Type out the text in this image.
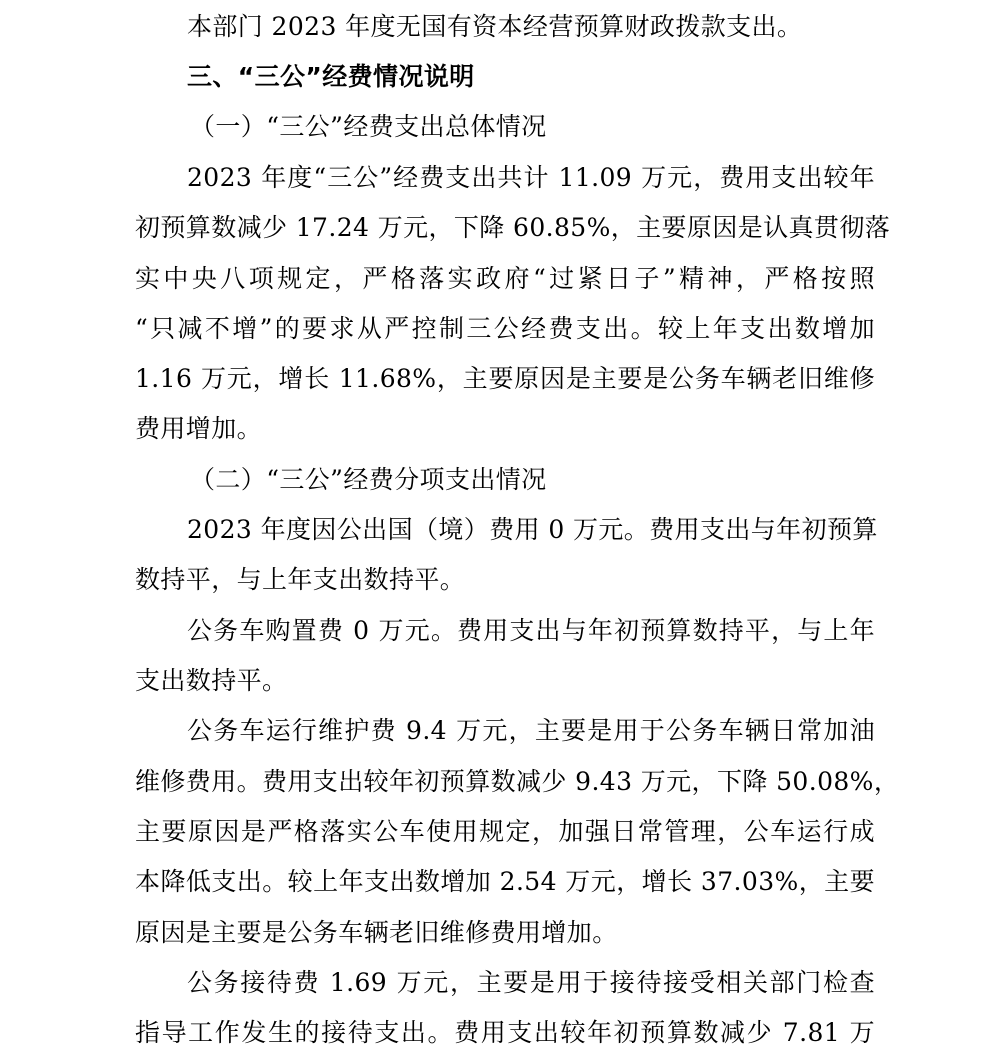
本部门 2023 年度无国有资本经营预算财政拨款支出。
三、“三公”经费情况说明
（一）“三公”经费支出总体情况
2023 年度“三公”经费支出共计 11.09 万元，费用支出较年
初预算数减少 17.24 万元，下降 60.85%，主要原因是认真贯彻落
实中央八项规定，严格落实政府“过紧日子”精神，严格按照
“只减不增”的要求从严控制三公经费支出。较上年支出数增加
1.16 万元，增长 11.68%，主要原因是主要是公务车辆老旧维修
费用增加。
（二）“三公”经费分项支出情况
2023 年度因公出国（境）费用 0 万元。费用支出与年初预算
数持平，与上年支出数持平。
公务车购置费 0 万元。费用支出与年初预算数持平，与上年
支出数持平。
公务车运行维护费 9.4 万元，主要是用于公务车辆日常加油
维修费用。费用支出较年初预算数减少 9.43 万元，下降 50.08%，
主要原因是严格落实公车使用规定，加强日常管理，公车运行成
本降低支出。较上年支出数增加 2.54 万元，增长 37.03%，主要
原因是主要是公务车辆老旧维修费用增加。
公务接待费 1.69 万元，主要是用于接待接受相关部门检查
指导工作发生的接待支出。费用支出较年初预算数减少 7.81 万
